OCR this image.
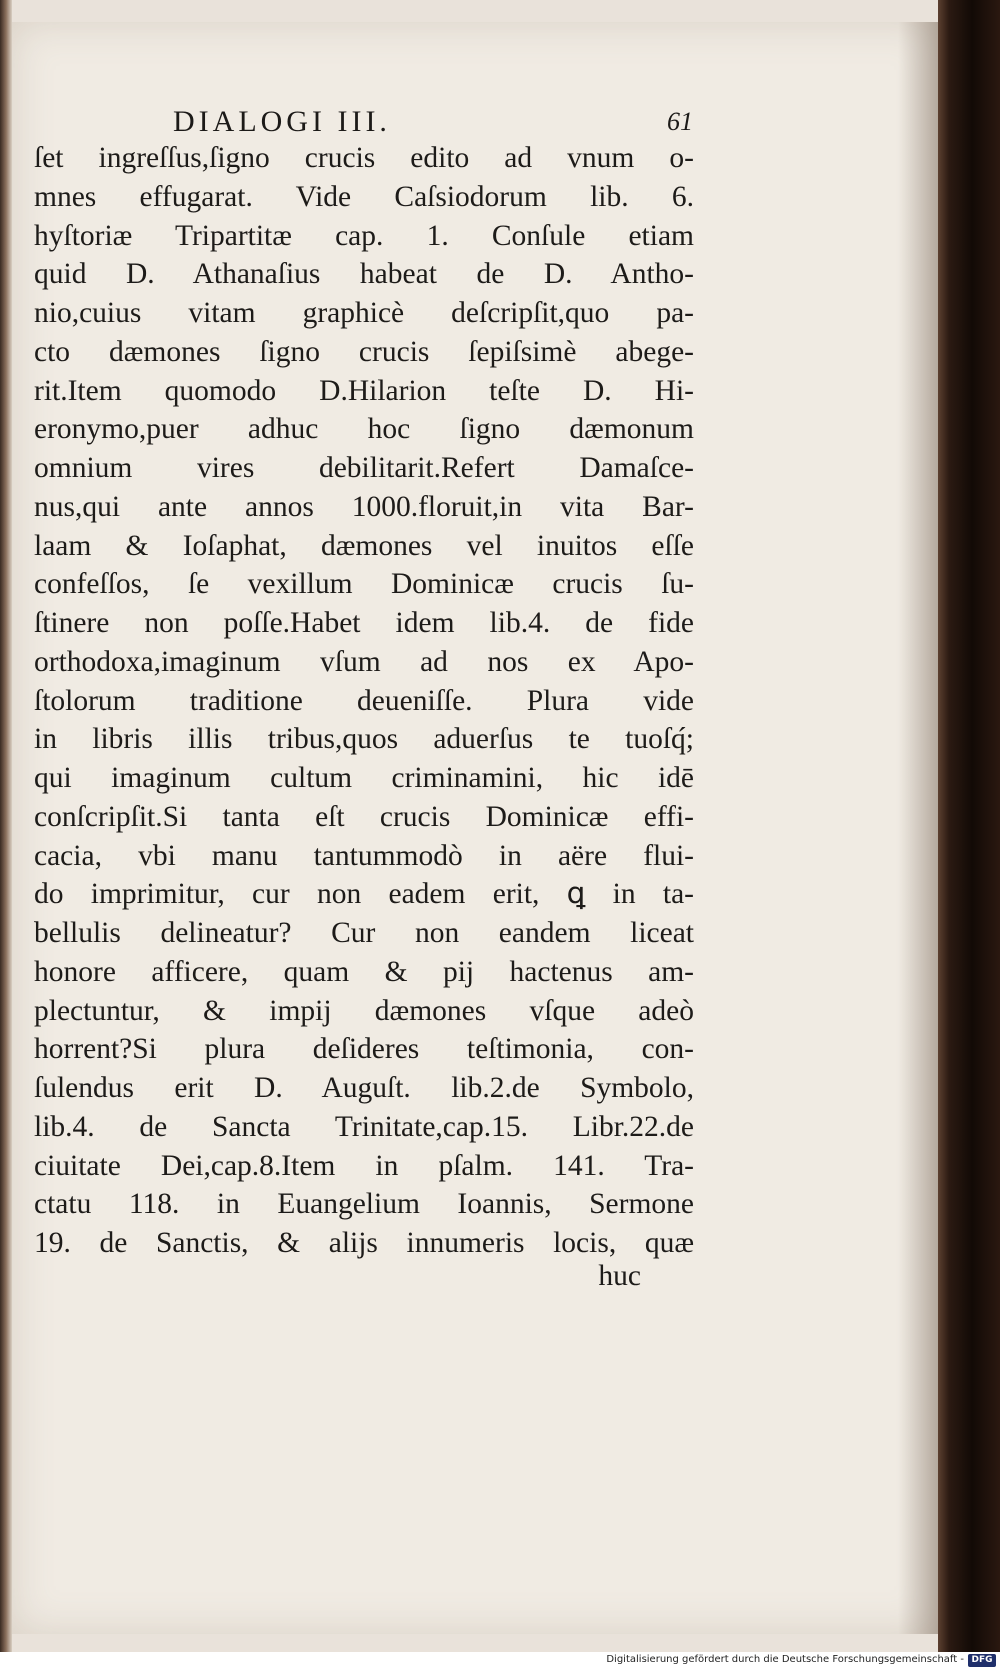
DIALOGI III.	61
ſet ingreſſus,ſigno crucis edito ad vnum o-
mnes effugarat. Vide Caſsiodorum lib. 6.
hyſtoriæ Tripartitæ cap. 1. Conſule etiam
quid D. Athanaſius habeat de D. Antho-
nio,cuius vitam graphicè deſcripſit,quo pa-
cto dæmones ſigno crucis ſepiſsimè abege-
rit.Item quomodo D.Hilarion teſte D. Hi-
eronymo,puer adhuc hoc ſigno dæmonum
omnium vires debilitarit.Refert Damaſce-
nus,qui ante annos 1000.floruit,in vita Bar-
laam & Ioſaphat, dæmones vel inuitos eſſe
confeſſos, ſe vexillum Dominicæ crucis ſu-
ſtinere non poſſe.Habet idem lib.4. de fide
orthodoxa,imaginum vſum ad nos ex Apo-
ſtolorum traditione deueniſſe. Plura vide
in libris illis tribus,quos aduerſus te tuoſq́;
qui imaginum cultum criminamini, hic idē
conſcripſit.Si tanta eſt crucis Dominicæ effi-
cacia, vbi manu tantummodò in aëre flui-
do imprimitur, cur non eadem erit, ꝗ in ta-
bellulis delineatur? Cur non eandem liceat
honore afficere, quam & pij hactenus am-
plectuntur, & impij dæmones vſque adeò
horrent?Si plura deſideres teſtimonia, con-
ſulendus erit D. Auguſt. lib.2.de Symbolo,
lib.4. de Sancta Trinitate,cap.15. Libr.22.de
ciuitate Dei,cap.8.Item in pſalm. 141. Tra-
ctatu 118. in Euangelium Ioannis, Sermone
19. de Sanctis, & alijs innumeris locis, quæ
huc
Digitalisierung gefördert durch die Deutsche Forschungsgemeinschaft - DFG
